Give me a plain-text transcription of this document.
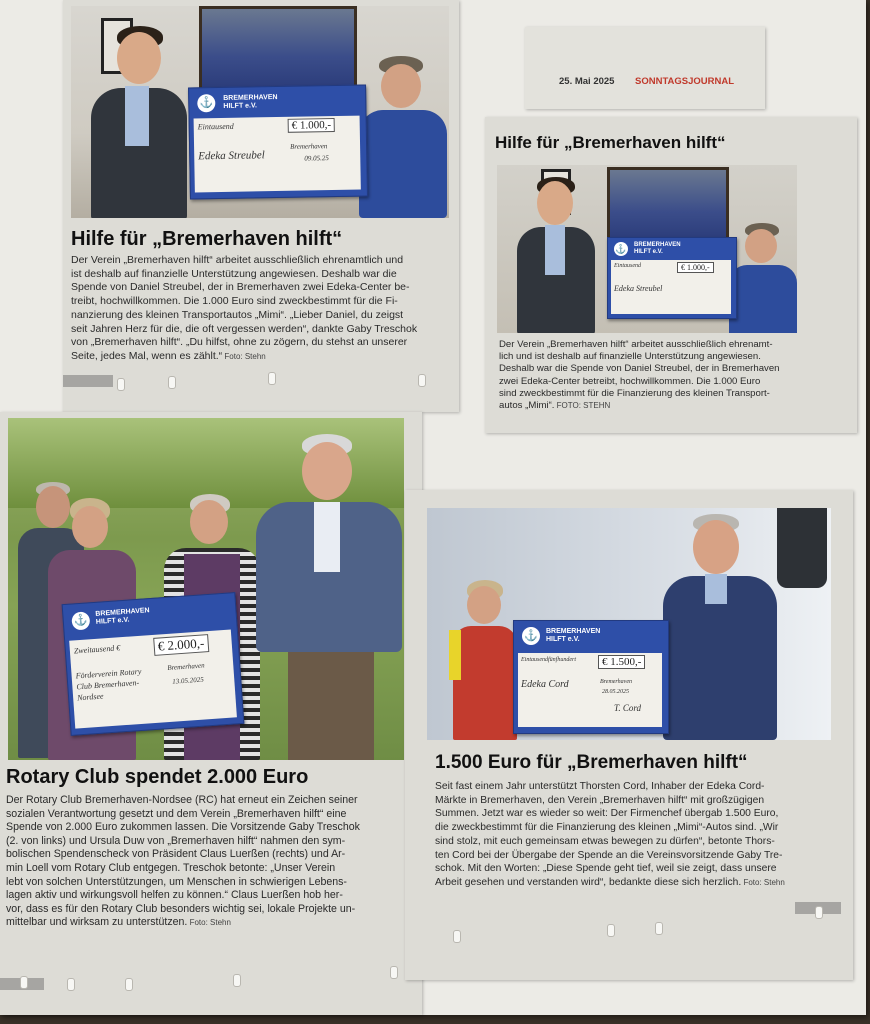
⚓	BREMERHAVEN
HILFT e.V.
Eintausend	€ 1.000,-
Edeka Streubel
Bremerhaven
09.05.25
Hilfe für „Bremerhaven hilft“
Der Verein „Bremerhaven hilft“ arbeitet ausschließlich ehrenamtlich und
ist deshalb auf finanzielle Unterstützung angewiesen. Deshalb war die
Spende von Daniel Streubel, der in Bremerhaven zwei Edeka-Center be-
treibt, hochwillkommen. Die 1.000 Euro sind zweckbestimmt für die Fi-
nanzierung des kleinen Transportautos „Mimi“. „Lieber Daniel, du zeigst
seit Jahren Herz für die, die oft vergessen werden“, dankte Gaby Treschok
von „Bremerhaven hilft“. „Du hilfst, ohne zu zögern, du stehst an unserer
Seite, jedes Mal, wenn es zählt.“ Foto: Stehn
25. Mai 2025 SONNTAGSJOURNAL
Hilfe für „Bremerhaven hilft“
⚓ BREMERHAVEN
HILFT e.V.
Eintausend	€ 1.000,-
Edeka Streubel
Der Verein „Bremerhaven hilft“ arbeitet ausschließlich ehrenamt-
lich und ist deshalb auf finanzielle Unterstützung angewiesen.
Deshalb war die Spende von Daniel Streubel, der in Bremerhaven
zwei Edeka-Center betreibt, hochwillkommen. Die 1.000 Euro
sind zweckbestimmt für die Finanzierung des kleinen Transport-
autos „Mimi“. FOTO: STEHN
⚓
BREMERHAVEN
HILFT e.V.
Zweitausend €	€ 2.000,-
Förderverein Rotary Club Bremerhaven-Nordsee
Bremerhaven
13.05.2025
Rotary Club spendet 2.000 Euro
Der Rotary Club Bremerhaven-Nordsee (RC) hat erneut ein Zeichen seiner
sozialen Verantwortung gesetzt und dem Verein „Bremerhaven hilft“ eine
Spende von 2.000 Euro zukommen lassen. Die Vorsitzende Gaby Treschok
(2. von links) und Ursula Duw von „Bremerhaven hilft“ nahmen den sym-
bolischen Spendenscheck von Präsident Claus Luerßen (rechts) und Ar-
min Loell vom Rotary Club entgegen. Treschok betonte: „Unser Verein
lebt von solchen Unterstützungen, um Menschen in schwierigen Lebens-
lagen aktiv und wirkungsvoll helfen zu können.“ Claus Luerßen hob her-
vor, dass es für den Rotary Club besonders wichtig sei, lokale Projekte un-
mittelbar und wirksam zu unterstützen. Foto: Stehn
⚓	BREMERHAVEN
HILFT e.V.
Eintausendfünfhundert	€ 1.500,-
Edeka Cord	Bremerhaven
28.05.2025
T. Cord
1.500 Euro für „Bremerhaven hilft“
Seit fast einem Jahr unterstützt Thorsten Cord, Inhaber der Edeka Cord-
Märkte in Bremerhaven, den Verein „Bremerhaven hilft“ mit großzügigen
Summen. Jetzt war es wieder so weit: Der Firmenchef übergab 1.500 Euro,
die zweckbestimmt für die Finanzierung des kleinen „Mimi“-Autos sind. „Wir
sind stolz, mit euch gemeinsam etwas bewegen zu dürfen“, betonte Thors-
ten Cord bei der Übergabe der Spende an die Vereinsvorsitzende Gaby Tre-
schok. Mit den Worten: „Diese Spende geht tief, weil sie zeigt, dass unsere
Arbeit gesehen und verstanden wird“, bedankte diese sich herzlich. Foto: Stehn
